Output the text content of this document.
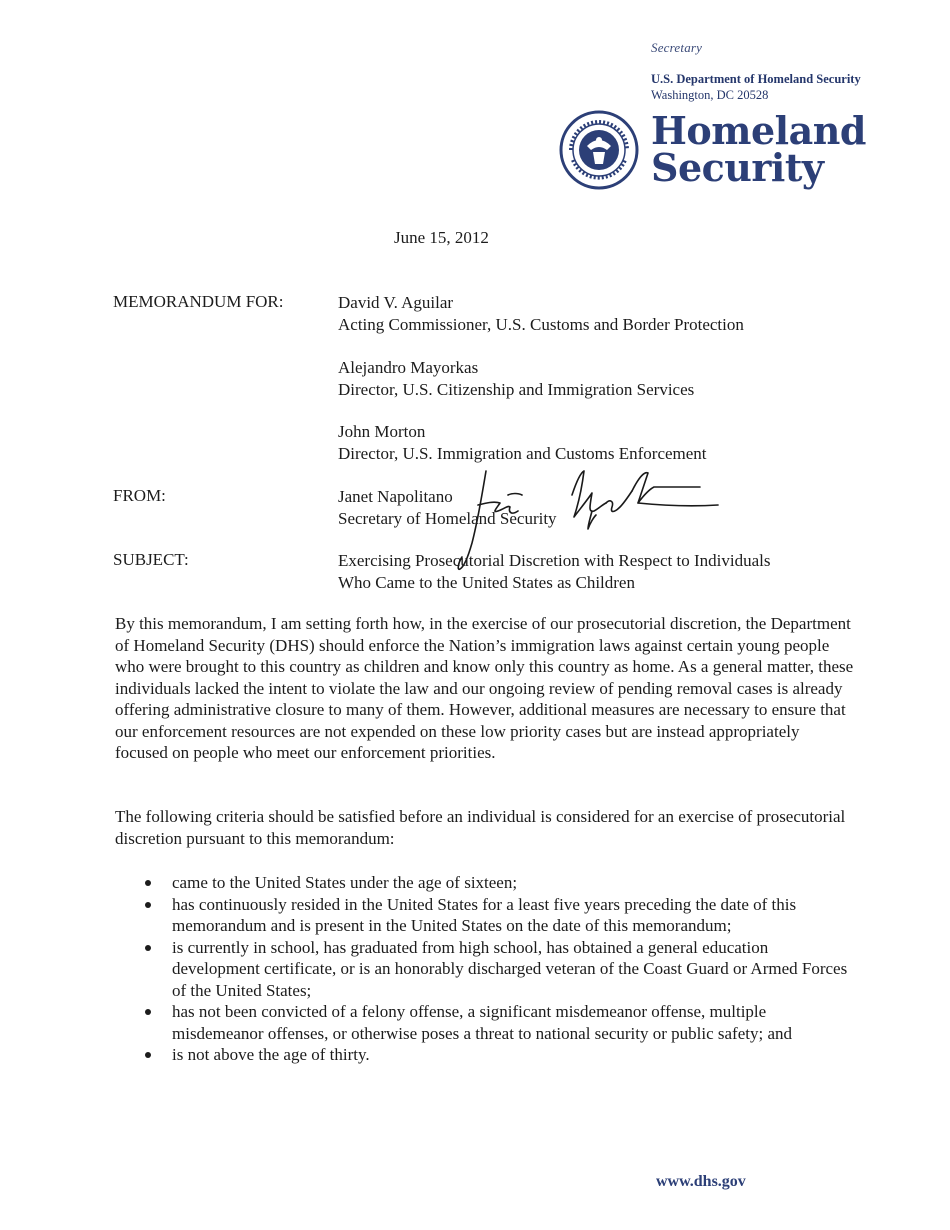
Secretary
U.S. Department of Homeland Security
Washington, DC 20528
Homeland
Security
June 15, 2012
MEMORANDUM FOR:	David V. Aguilar
Acting Commissioner, U.S. Customs and Border Protection
Alejandro Mayorkas
Director, U.S. Citizenship and Immigration Services
John Morton
Director, U.S. Immigration and Customs Enforcement
FROM:	Janet Napolitano
Secretary of Homeland Security
SUBJECT:	Exercising Prosecutorial Discretion with Respect to Individuals
Who Came to the United States as Children

By this memorandum, I am setting forth how, in the exercise of our prosecutorial discretion, the Department of Homeland Security (DHS) should enforce the Nation’s immigration laws against certain young people who were brought to this country as children and know only this country as home. As a general matter, these individuals lacked the intent to violate the law and our ongoing review of pending removal cases is already offering administrative closure to many of them. However, additional measures are necessary to ensure that our enforcement resources are not expended on these low priority cases but are instead appropriately focused on people who meet our enforcement priorities.

The following criteria should be satisfied before an individual is considered for an exercise of prosecutorial discretion pursuant to this memorandum:

came to the United States under the age of sixteen;
has continuously resided in the United States for a least five years preceding the date of this memorandum and is present in the United States on the date of this memorandum;
is currently in school, has graduated from high school, has obtained a general education development certificate, or is an honorably discharged veteran of the Coast Guard or Armed Forces of the United States;
has not been convicted of a felony offense, a significant misdemeanor offense, multiple misdemeanor offenses, or otherwise poses a threat to national security or public safety; and
is not above the age of thirty.
www.dhs.gov
